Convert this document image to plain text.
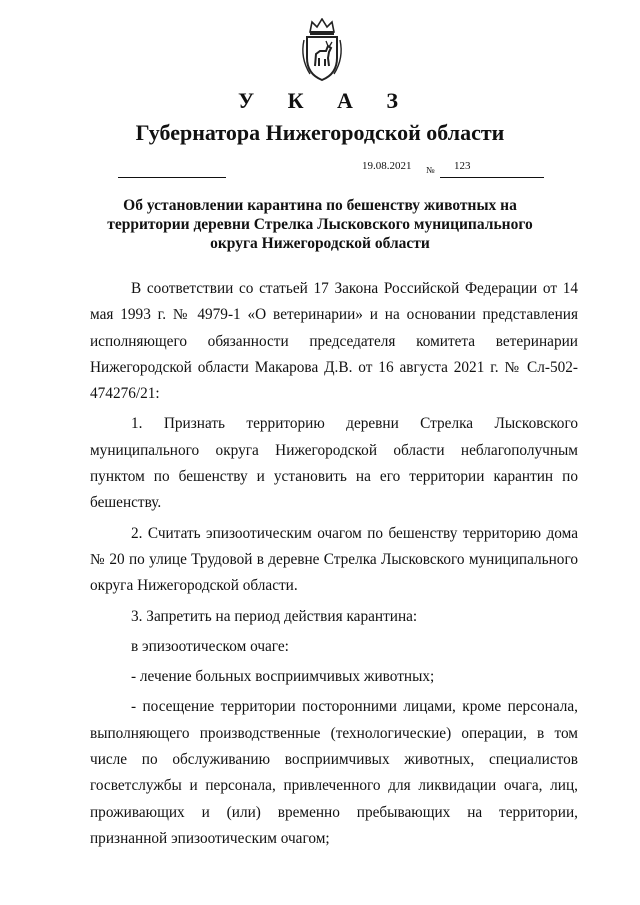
У К А З
Губернатора Нижегородской области
19.08.2021 № 123
Об установлении карантина по бешенству животных на территории деревни Стрелка Лысковского муниципального округа Нижегородской области

В соответствии со статьей 17 Закона Российской Федерации от 14 мая 1993 г. № 4979-1 «О ветеринарии» и на основании представления исполняющего обязанности председателя комитета ветеринарии Нижегородской области Макарова Д.В. от 16 августа 2021 г. № Сл-502-474276/21:

1. Признать территорию деревни Стрелка Лысковского муниципального округа Нижегородской области неблагополучным пунктом по бешенству и установить на его территории карантин по бешенству.

2. Считать эпизоотическим очагом по бешенству территорию дома № 20 по улице Трудовой в деревне Стрелка Лысковского муниципального округа Нижегородской области.

3. Запретить на период действия карантина:

в эпизоотическом очаге:

- лечение больных восприимчивых животных;

- посещение территории посторонними лицами, кроме персонала, выполняющего производственные (технологические) операции, в том числе по обслуживанию восприимчивых животных, специалистов госветслужбы и персонала, привлеченного для ликвидации очага, лиц, проживающих и (или) временно пребывающих на территории, признанной эпизоотическим очагом;
